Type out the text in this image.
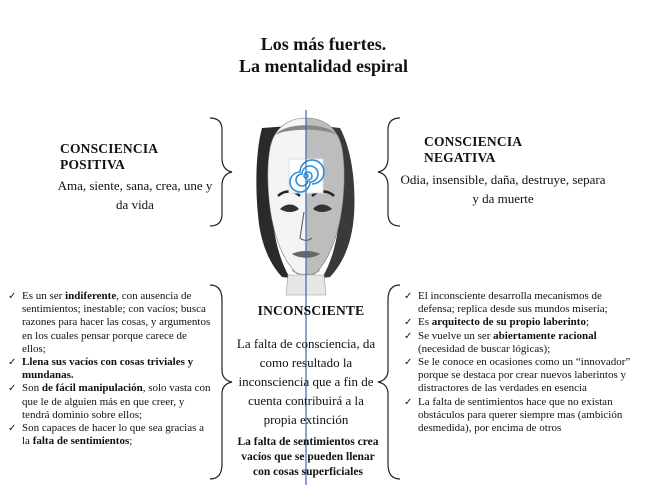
Los más fuertes.
La mentalidad espiral
CONSCIENCIA POSITIVA
Ama, siente, sana, crea, une y da vida
CONSCIENCIA NEGATIVA
Odia, insensible, daña, destruye, separa y da muerte
INCONSCIENTE
La falta de consciencia, da como resultado la inconsciencia que a fin de cuenta contribuirá a la propia extinción
La falta de sentimientos crea vacíos que se pueden llenar con cosas superficiales
✓ Es un ser indiferente, con ausencia de sentimientos; inestable; con vacíos; busca razones para hacer las cosas, y argumentos en los cuales pensar porque carece de ellos;
✓ Llena sus vacíos con cosas triviales y mundanas.
✓ Son de fácil manipulación, solo vasta con que le de alguien más en que creer, y tendrá dominio sobre ellos;
✓ Son capaces de hacer lo que sea gracias a la falta de sentimientos;
✓ El inconsciente desarrolla mecanismos de defensa; replica desde sus mundos miseria;
✓ Es arquitecto de su propio laberinto;
✓ Se vuelve un ser abiertamente racional (necesidad de buscar lógicas);
✓ Se le conoce en ocasiones como un “innovador” porque se destaca por crear nuevos laberintos y distractores de las verdades en esencia
✓ La falta de sentimientos hace que no existan obstáculos para querer siempre mas (ambición desmedida), por encima de otros
